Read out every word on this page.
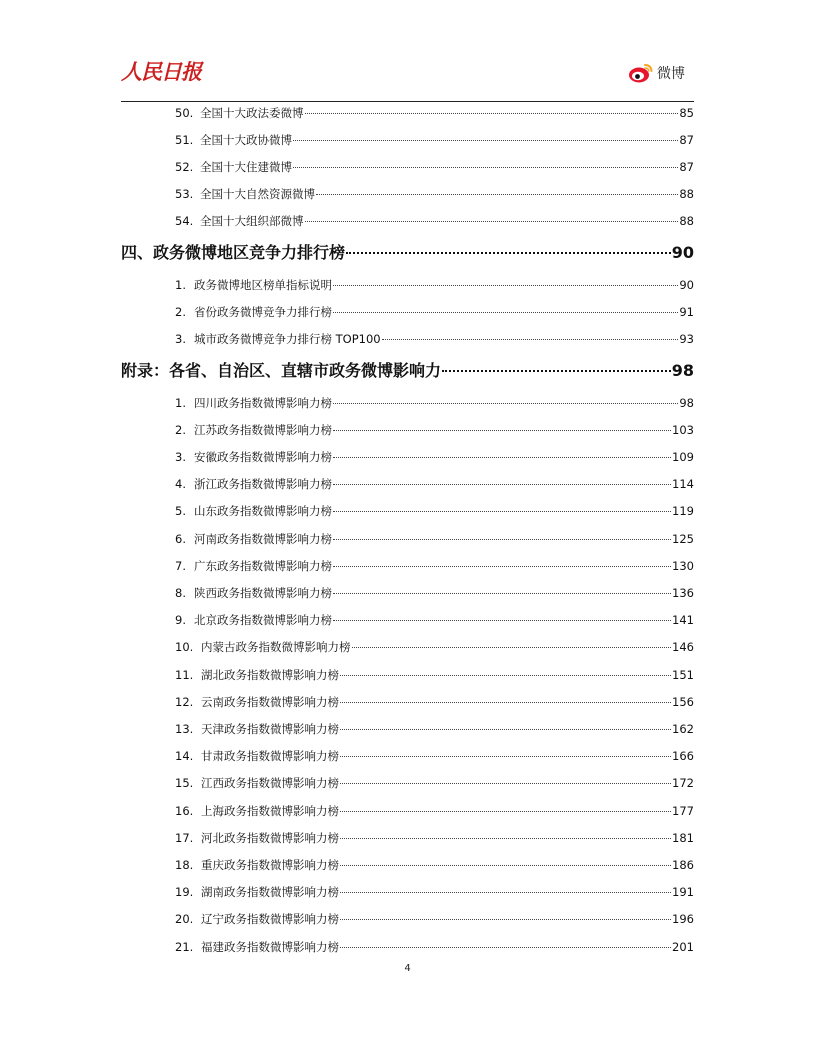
人民日报	微博
50. 全国十大政法委微博	85
51. 全国十大政协微博	87
52. 全国十大住建微博	87
53. 全国十大自然资源微博	88
54. 全国十大组织部微博	88
四、政务微博地区竞争力排行榜	90
1. 政务微博地区榜单指标说明	90
2. 省份政务微博竞争力排行榜	91
3. 城市政务微博竞争力排行榜 TOP100	93
附录：各省、自治区、直辖市政务微博影响力	98
1. 四川政务指数微博影响力榜	98
2. 江苏政务指数微博影响力榜	103
3. 安徽政务指数微博影响力榜	109
4. 浙江政务指数微博影响力榜	114
5. 山东政务指数微博影响力榜	119
6. 河南政务指数微博影响力榜	125
7. 广东政务指数微博影响力榜	130
8. 陕西政务指数微博影响力榜	136
9. 北京政务指数微博影响力榜	141
10. 内蒙古政务指数微博影响力榜	146
11. 湖北政务指数微博影响力榜	151
12. 云南政务指数微博影响力榜	156
13. 天津政务指数微博影响力榜	162
14. 甘肃政务指数微博影响力榜	166
15. 江西政务指数微博影响力榜	172
16. 上海政务指数微博影响力榜	177
17. 河北政务指数微博影响力榜	181
18. 重庆政务指数微博影响力榜	186
19. 湖南政务指数微博影响力榜	191
20. 辽宁政务指数微博影响力榜	196
21. 福建政务指数微博影响力榜	201
4
